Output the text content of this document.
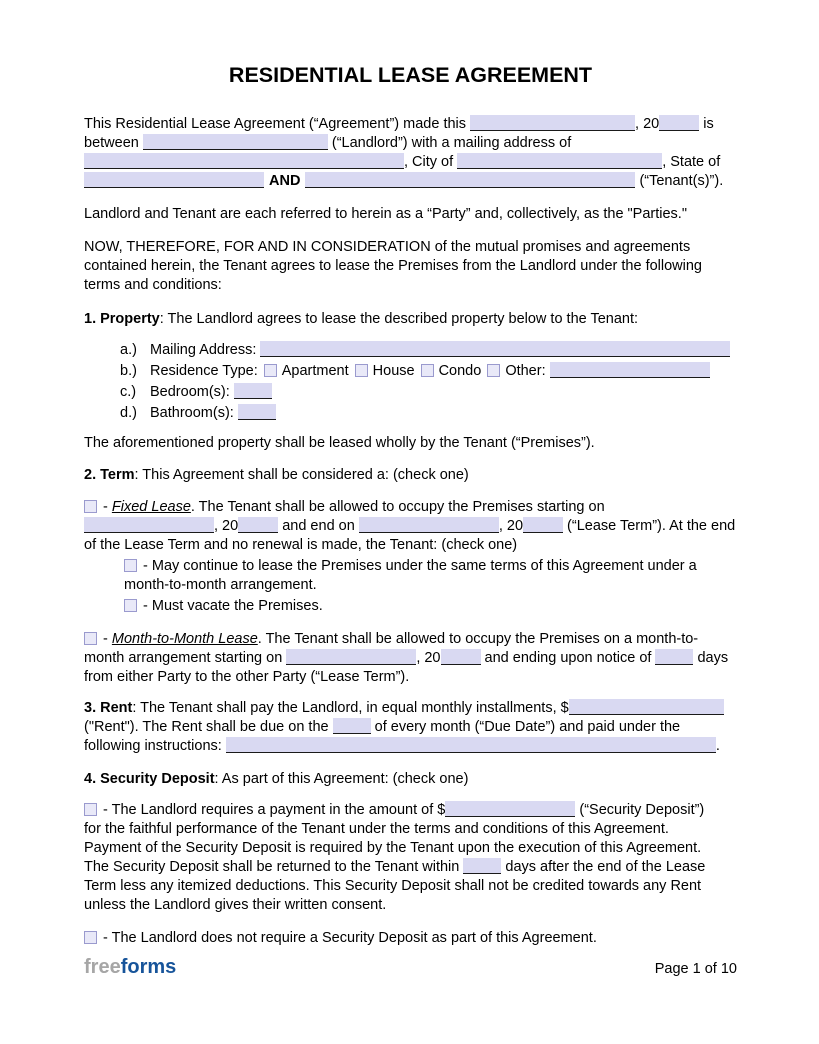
RESIDENTIAL LEASE AGREEMENT
This Residential Lease Agreement (“Agreement”) made this	, 20	is
between	(“Landlord”) with a mailing address of
, City of	, State of
AND	(“Tenant(s)”).
Landlord and Tenant are each referred to herein as a “Party” and, collectively, as the "Parties."
NOW, THEREFORE, FOR AND IN CONSIDERATION of the mutual promises and agreements
contained herein, the Tenant agrees to lease the Premises from the Landlord under the following
terms and conditions:
1. Property: The Landlord agrees to lease the described property below to the Tenant:
a.) Mailing Address:
b.) Residence Type: Apartment House Condo Other:
c.) Bedroom(s):
d.) Bathroom(s):
The aforementioned property shall be leased wholly by the Tenant (“Premises”).
2. Term: This Agreement shall be considered a: (check one)
- Fixed Lease. The Tenant shall be allowed to occupy the Premises starting on
, 20	and end on	, 20	(“Lease Term”). At the end
of the Lease Term and no renewal is made, the Tenant: (check one)
- May continue to lease the Premises under the same terms of this Agreement under a
month-to-month arrangement.
- Must vacate the Premises.
- Month-to-Month Lease. The Tenant shall be allowed to occupy the Premises on a month-to-
month arrangement starting on	, 20	and ending upon notice of	days
from either Party to the other Party (“Lease Term”).
3. Rent: The Tenant shall pay the Landlord, in equal monthly installments, $
("Rent"). The Rent shall be due on the	of every month (“Due Date”) and paid under the
following instructions:	.
4. Security Deposit: As part of this Agreement: (check one)
- The Landlord requires a payment in the amount of $	(“Security Deposit”)
for the faithful performance of the Tenant under the terms and conditions of this Agreement.
Payment of the Security Deposit is required by the Tenant upon the execution of this Agreement.
The Security Deposit shall be returned to the Tenant within	days after the end of the Lease
Term less any itemized deductions. This Security Deposit shall not be credited towards any Rent
unless the Landlord gives their written consent.
- The Landlord does not require a Security Deposit as part of this Agreement.
freeforms	Page 1 of 10
